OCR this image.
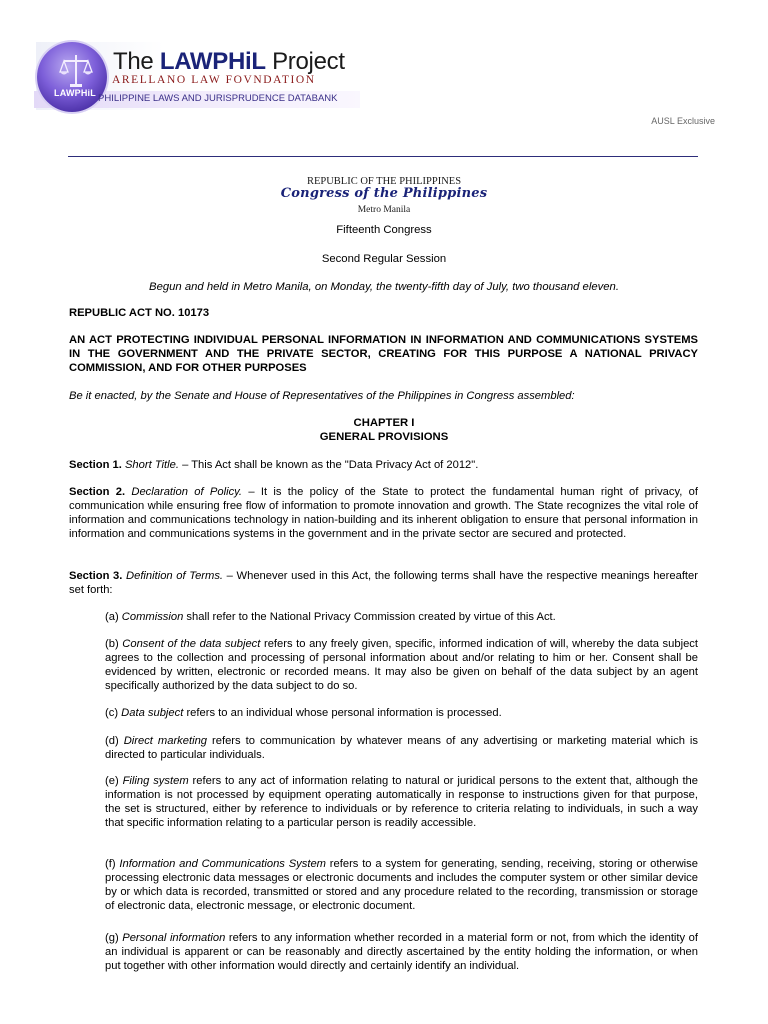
LAWPHiL
The LAWPHiL Project
ARELLANO LAW FOVNDATION
PHILIPPINE LAWS AND JURISPRUDENCE DATABANK
AUSL Exclusive
REPUBLIC OF THE PHILIPPINES
Congress of the Philippines
Metro Manila
Fifteenth Congress
Second Regular Session
Begun and held in Metro Manila, on Monday, the twenty-fifth day of July, two thousand eleven.
REPUBLIC ACT NO. 10173
AN ACT PROTECTING INDIVIDUAL PERSONAL INFORMATION IN INFORMATION AND COMMUNICATIONS SYSTEMS IN THE GOVERNMENT AND THE PRIVATE SECTOR, CREATING FOR THIS PURPOSE A NATIONAL PRIVACY COMMISSION, AND FOR OTHER PURPOSES
Be it enacted, by the Senate and House of Representatives of the Philippines in Congress assembled:
CHAPTER I
GENERAL PROVISIONS
Section 1. Short Title. – This Act shall be known as the "Data Privacy Act of 2012".
Section 2. Declaration of Policy. – It is the policy of the State to protect the fundamental human right of privacy, of communication while ensuring free flow of information to promote innovation and growth. The State recognizes the vital role of information and communications technology in nation-building and its inherent obligation to ensure that personal information in information and communications systems in the government and in the private sector are secured and protected.
Section 3. Definition of Terms. – Whenever used in this Act, the following terms shall have the respective meanings hereafter set forth:
(a) Commission shall refer to the National Privacy Commission created by virtue of this Act.
(b) Consent of the data subject refers to any freely given, specific, informed indication of will, whereby the data subject agrees to the collection and processing of personal information about and/or relating to him or her. Consent shall be evidenced by written, electronic or recorded means. It may also be given on behalf of the data subject by an agent specifically authorized by the data subject to do so.
(c) Data subject refers to an individual whose personal information is processed.
(d) Direct marketing refers to communication by whatever means of any advertising or marketing material which is directed to particular individuals.
(e) Filing system refers to any act of information relating to natural or juridical persons to the extent that, although the information is not processed by equipment operating automatically in response to instructions given for that purpose, the set is structured, either by reference to individuals or by reference to criteria relating to individuals, in such a way that specific information relating to a particular person is readily accessible.
(f) Information and Communications System refers to a system for generating, sending, receiving, storing or otherwise processing electronic data messages or electronic documents and includes the computer system or other similar device by or which data is recorded, transmitted or stored and any procedure related to the recording, transmission or storage of electronic data, electronic message, or electronic document.
(g) Personal information refers to any information whether recorded in a material form or not, from which the identity of an individual is apparent or can be reasonably and directly ascertained by the entity holding the information, or when put together with other information would directly and certainly identify an individual.
